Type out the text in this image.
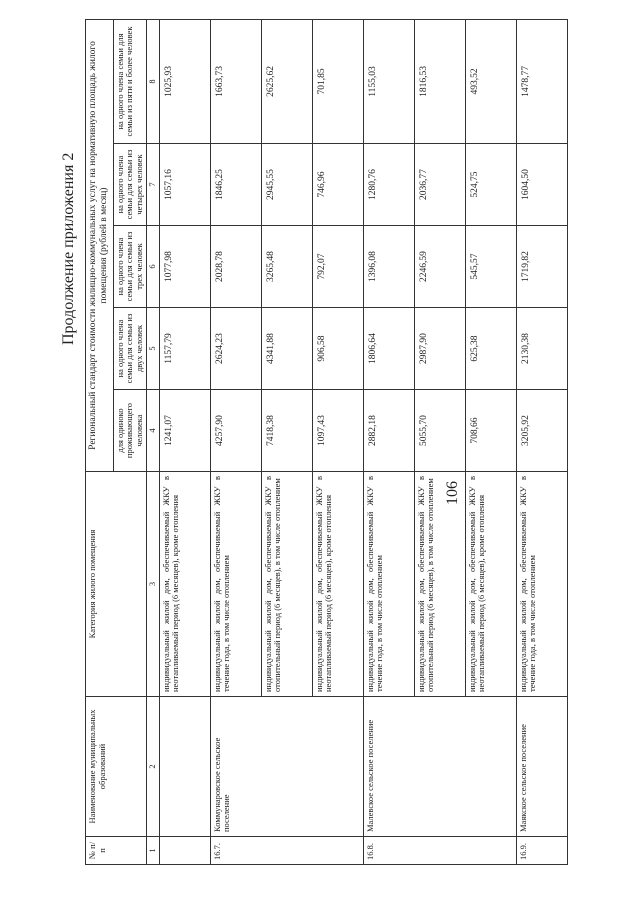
106
Продолжение приложения 2
№ п/п	Наименование муниципальных образований	Категория жилого помещения	Региональный стандарт стоимости жилищно-коммунальных услуг на нормативную площадь жилого помещения (рублей в месяц)				
			для одиноко проживающего человека	на одного члена семьи для семьи из двух человек	на одного члена семьи для семьи из трех человек	на одного члена семьи для семьи из четырех человек	на одного члена семьи для семьи из пяти и более человек
1	2	3	4	5	6	7	8
		индивидуальный жилой дом, обеспечиваемый ЖКУ в неотапливаемый период (6 месяцев), кроме отопления	1241,07	1157,79	1077,98	1057,16	1025,93
16.7.	Коммунаровское сельское поселение	индивидуальный жилой дом, обеспечиваемый ЖКУ в течение года, в том числе отоплением	4257,90	2624,23	2028,78	1846,25	1663,73
		индивидуальный жилой дом, обеспечиваемый ЖКУ в отопительный период (6 месяцев), в том числе отоплением	7418,38	4341,88	3265,48	2945,55	2625,62
		индивидуальный жилой дом, обеспечиваемый ЖКУ в неотапливаемый период (6 месяцев), кроме отопления	1097,43	906,58	792,07	746,96	701,85
16.8.	Малевское сельское поселение	индивидуальный жилой дом, обеспечиваемый ЖКУ в течение года, в том числе отоплением	2882,18	1806,64	1396,08	1280,76	1155,03
		индивидуальный жилой дом, обеспечиваемый ЖКУ в отопительный период (6 месяцев), в том числе отоплением	5055,70	2987,90	2246,59	2036,77	1816,53
		индивидуальный жилой дом, обеспечиваемый ЖКУ в неотапливаемый период (6 месяцев), кроме отопления	708,66	625,38	545,57	524,75	493,52
16.9.	Маякское сельское поселение	индивидуальный жилой дом, обеспечиваемый ЖКУ в течение года, в том числе отоплением	3205,92	2130,38	1719,82	1604,50	1478,77
